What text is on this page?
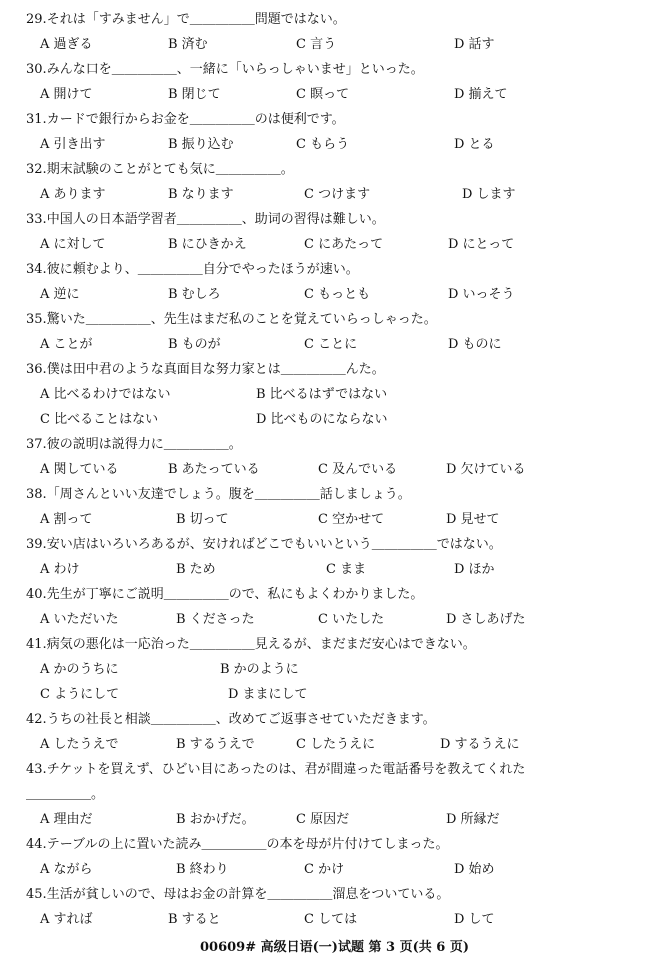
29.それは「すみません」で＿＿＿＿＿問題ではない。
A 過ぎる	B 済む	C 言う	D 話す
30.みんな口を＿＿＿＿＿、一緒に「いらっしゃいませ」といった。
A 開けて	B 閉じて	C 瞑って	D 揃えて
31.カードで銀行からお金を＿＿＿＿＿のは便利です。
A 引き出す	B 振り込む	C もらう	D とる
32.期末試験のことがとても気に＿＿＿＿＿。
A あります	B なります	C つけます	D します
33.中国人の日本語学習者＿＿＿＿＿、助词の習得は難しい。
A に対して	B にひきかえ	C にあたって	D にとって
34.彼に頼むより、＿＿＿＿＿自分でやったほうが速い。
A 逆に	B むしろ	C もっとも	D いっそう
35.驚いた＿＿＿＿＿、先生はまだ私のことを覚えていらっしゃった。
A ことが	B ものが	C ことに	D ものに
36.僕は田中君のような真面目な努力家とは＿＿＿＿＿んた。
A 比べるわけではない	B 比べるはずではない
C 比べることはない	D 比べものにならない
37.彼の説明は説得力に＿＿＿＿＿。
A 関している	B あたっている	C 及んでいる	D 欠けている
38.「周さんといい友達でしょう。腹を＿＿＿＿＿話しましょう。
A 割って	B 切って	C 空かせて	D 見せて
39.安い店はいろいろあるが、安ければどこでもいいという＿＿＿＿＿ではない。
A わけ	B ため	C まま	D ほか
40.先生が丁寧にご説明＿＿＿＿＿ので、私にもよくわかりました。
A いただいた	B くださった	C いたした	D さしあげた
41.病気の悪化は一応治った＿＿＿＿＿見えるが、まだまだ安心はできない。
A かのうちに	B かのように
C ようにして	D ままにして
42.うちの社長と相談＿＿＿＿＿、改めてご返事させていただきます。
A したうえで	B するうえで	C したうえに	D するうえに
43.チケットを買えず、ひどい目にあったのは、君が間違った電話番号を教えてくれた
＿＿＿＿＿。
A 理由だ	B おかげだ。	C 原因だ	D 所縁だ
44.テーブルの上に置いた読み＿＿＿＿＿の本を母が片付けてしまった。
A ながら	B 終わり	C かけ	D 始め
45.生活が貧しいので、母はお金の計算を＿＿＿＿＿溜息をついている。
A すれば	B すると	C しては	D して
00609# 高级日语(一)试题 第 3 页(共 6 页)
